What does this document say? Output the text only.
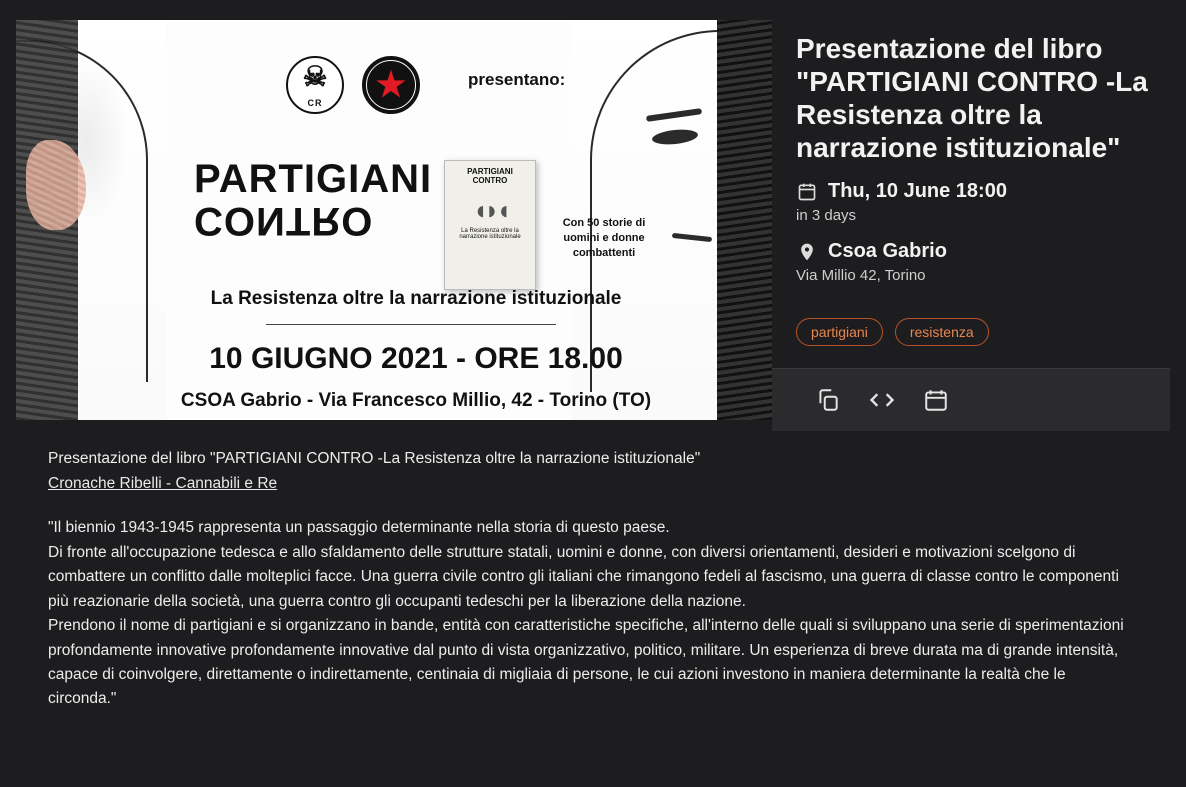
CR
☠ ★	presentano:
PARTIGIANI
CONTRO
PARTIGIANI CONTRO
◖◗◖
La Resistenza oltre la narrazione istituzionale
Con 50 storie di uomini e donne combattenti
La Resistenza oltre la narrazione istituzionale
10 GIUGNO 2021 - ORE 18.00
CSOA Gabrio - Via Francesco Millio, 42 - Torino (TO)
Presentazione del libro "PARTIGIANI CONTRO -La Resistenza oltre la narrazione istituzionale"
Thu, 10 June 18:00
in 3 days
Csoa Gabrio
Via Millio 42, Torino
partigiani	resistenza

Presentazione del libro "PARTIGIANI CONTRO -La Resistenza oltre la narrazione istituzionale"

Cronache Ribelli - Cannabili e Re

"Il biennio 1943-1945 rappresenta un passaggio determinante nella storia di questo paese.

Di fronte all'occupazione tedesca e allo sfaldamento delle strutture statali, uomini e donne, con diversi orientamenti, desideri e motivazioni scelgono di combattere un conflitto dalle molteplici facce. Una guerra civile contro gli italiani che rimangono fedeli al fascismo, una guerra di classe contro le componenti più reazionarie della società, una guerra contro gli occupanti tedeschi per la liberazione della nazione.

Prendono il nome di partigiani e si organizzano in bande, entità con caratteristiche specifiche, all'interno delle quali si sviluppano una serie di sperimentazioni profondamente innovative profondamente innovative dal punto di vista organizzativo, politico, militare. Un esperienza di breve durata ma di grande intensità, capace di coinvolgere, direttamente o indirettamente, centinaia di migliaia di persone, le cui azioni investono in maniera determinante la realtà che le circonda."
